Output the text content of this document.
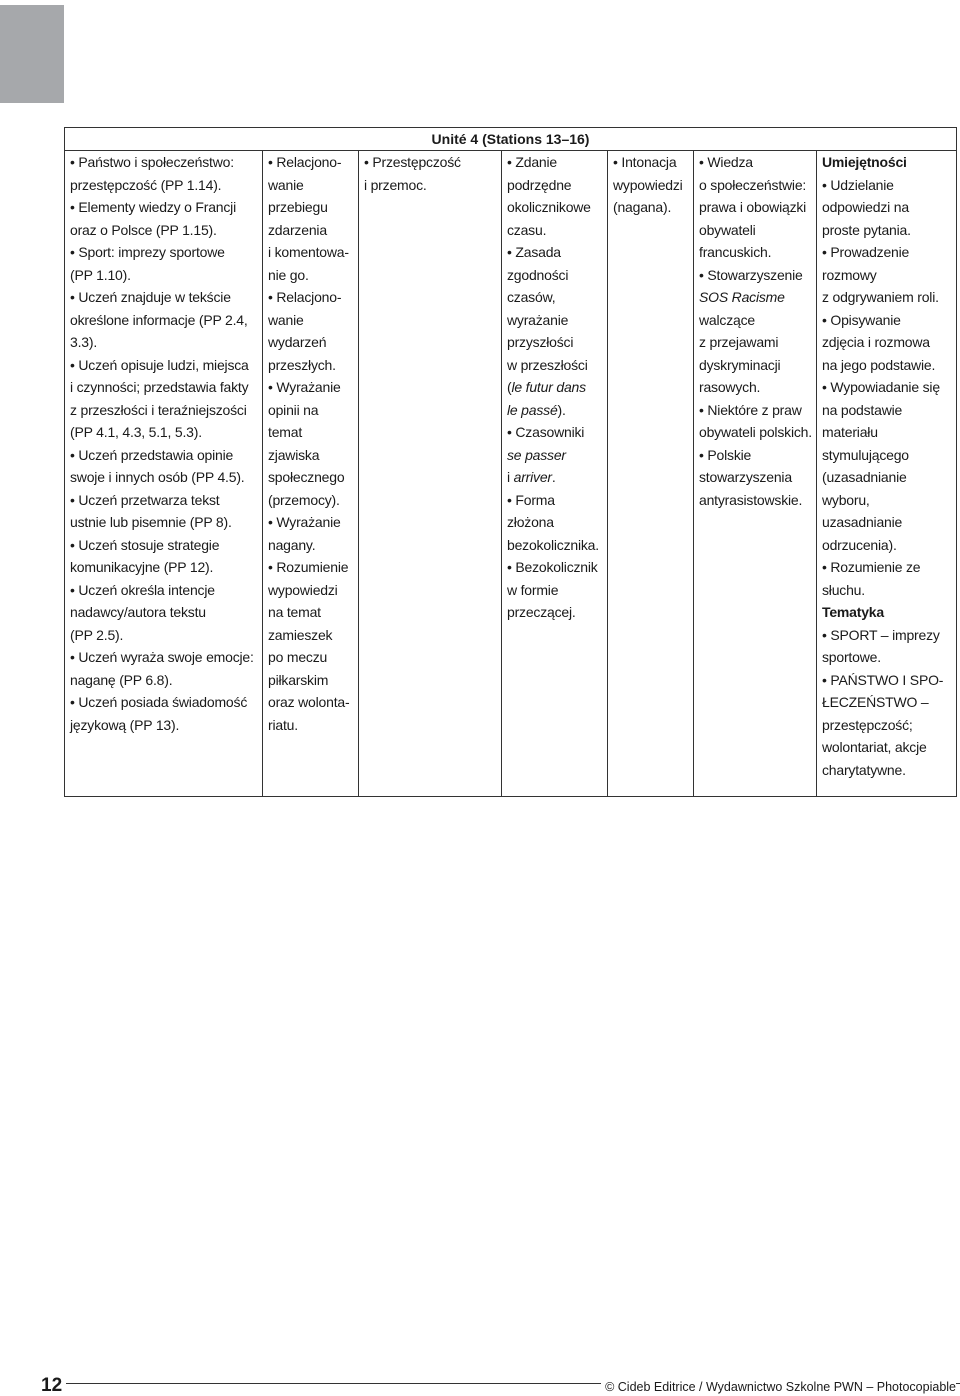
Unité 4 (Stations 13–16)
• Państwo i społeczeństwo:
przestępczość (PP 1.14).
• Elementy wiedzy o Francji
oraz o Polsce (PP 1.15).
• Sport: imprezy sportowe
(PP 1.10).
• Uczeń znajduje w tekście
określone informacje (PP 2.4,
3.3).
• Uczeń opisuje ludzi, miejsca
i czynności; przedstawia fakty
z przeszłości i teraźniejszości
(PP 4.1, 4.3, 5.1, 5.3).
• Uczeń przedstawia opinie
swoje i innych osób (PP 4.5).
• Uczeń przetwarza tekst
ustnie lub pisemnie (PP 8).
• Uczeń stosuje strategie
komunikacyjne (PP 12).
• Uczeń określa intencje
nadawcy/autora tekstu
(PP 2.5).
• Uczeń wyraża swoje emocje:
naganę (PP 6.8).
• Uczeń posiada świadomość
językową (PP 13).
• Relacjono-
wanie
przebiegu
zdarzenia
i komentowa-
nie go.
• Relacjono-
wanie
wydarzeń
przeszłych.
• Wyrażanie
opinii na
temat
zjawiska
społecznego
(przemocy).
• Wyrażanie
nagany.
• Rozumienie
wypowiedzi
na temat
zamieszek
po meczu
piłkarskim
oraz wolonta-
riatu.
• Przestępczość
i przemoc.
• Zdanie
podrzędne
okolicznikowe
czasu.
• Zasada
zgodności
czasów,
wyrażanie
przyszłości
w przeszłości
(le futur dans
le passé).
• Czasowniki
se passer
i arriver.
• Forma
złożona
bezokolicznika.
• Bezokolicznik
w formie
przeczącej.
• Intonacja
wypowiedzi
(nagana).
• Wiedza
o społeczeństwie:
prawa i obowiązki
obywateli
francuskich.
• Stowarzyszenie
SOS Racisme
walczące
z przejawami
dyskryminacji
rasowych.
• Niektóre z praw
obywateli polskich.
• Polskie
stowarzyszenia
antyrasistowskie.
Umiejętności
• Udzielanie
odpowiedzi na
proste pytania.
• Prowadzenie
rozmowy
z odgrywaniem roli.
• Opisywanie
zdjęcia i rozmowa
na jego podstawie.
• Wypowiadanie się
na podstawie
materiału
stymulującego
(uzasadnianie
wyboru,
uzasadnianie
odrzucenia).
• Rozumienie ze
słuchu.
Tematyka
• SPORT – imprezy
sportowe.
• PAŃSTWO I SPO-
ŁECZEŃSTWO –
przestępczość;
wolontariat, akcje
charytatywne.
12	© Cideb Editrice / Wydawnictwo Szkolne PWN – Photocopiable
